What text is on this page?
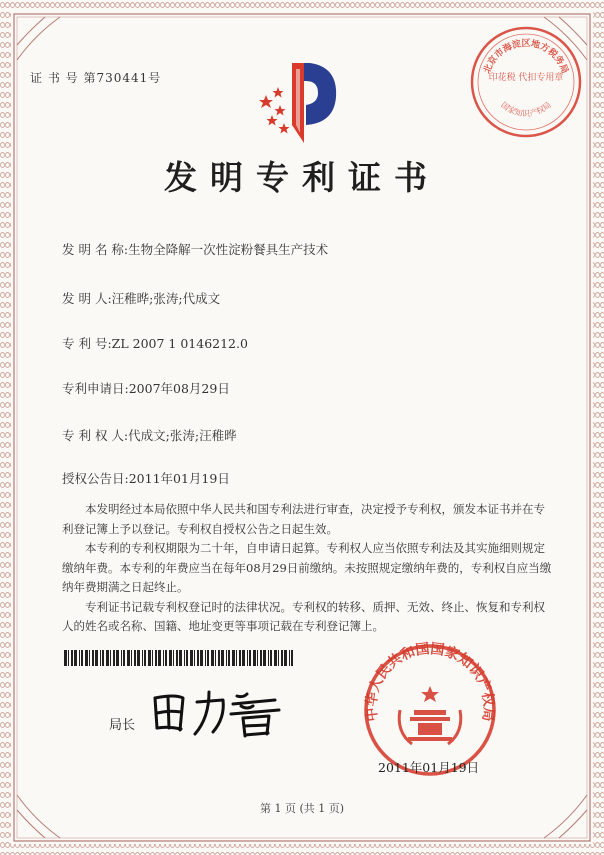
证 书 号 第730441号
北京市海淀区地方税务局
印花税 代扣专用章
国家知识产权局
发明专利证书
发 明 名 称:生物全降解一次性淀粉餐具生产技术
发 明 人:汪稚晔;张涛;代成文
专 利 号:ZL 2007 1 0146212.0
专利申请日:2007年08月29日
专 利 权 人:代成文;张涛;汪稚晔
授权公告日:2011年01月19日

本发明经过本局依照中华人民共和国专利法进行审查，决定授予专利权，颁发本证书并在专利登记簿上予以登记。专利权自授权公告之日起生效。

本专利的专利权期限为二十年，自申请日起算。专利权人应当依照专利法及其实施细则规定缴纳年费。本专利的年费应当在每年08月29日前缴纳。未按照规定缴纳年费的，专利权自应当缴纳年费期满之日起终止。

专利证书记载专利权登记时的法律状况。专利权的转移、质押、无效、终止、恢复和专利权人的姓名或名称、国籍、地址变更等事项记载在专利登记簿上。

局长
中华人民共和国国家知识产权局
2011年01月19日
第 1 页 (共 1 页)
